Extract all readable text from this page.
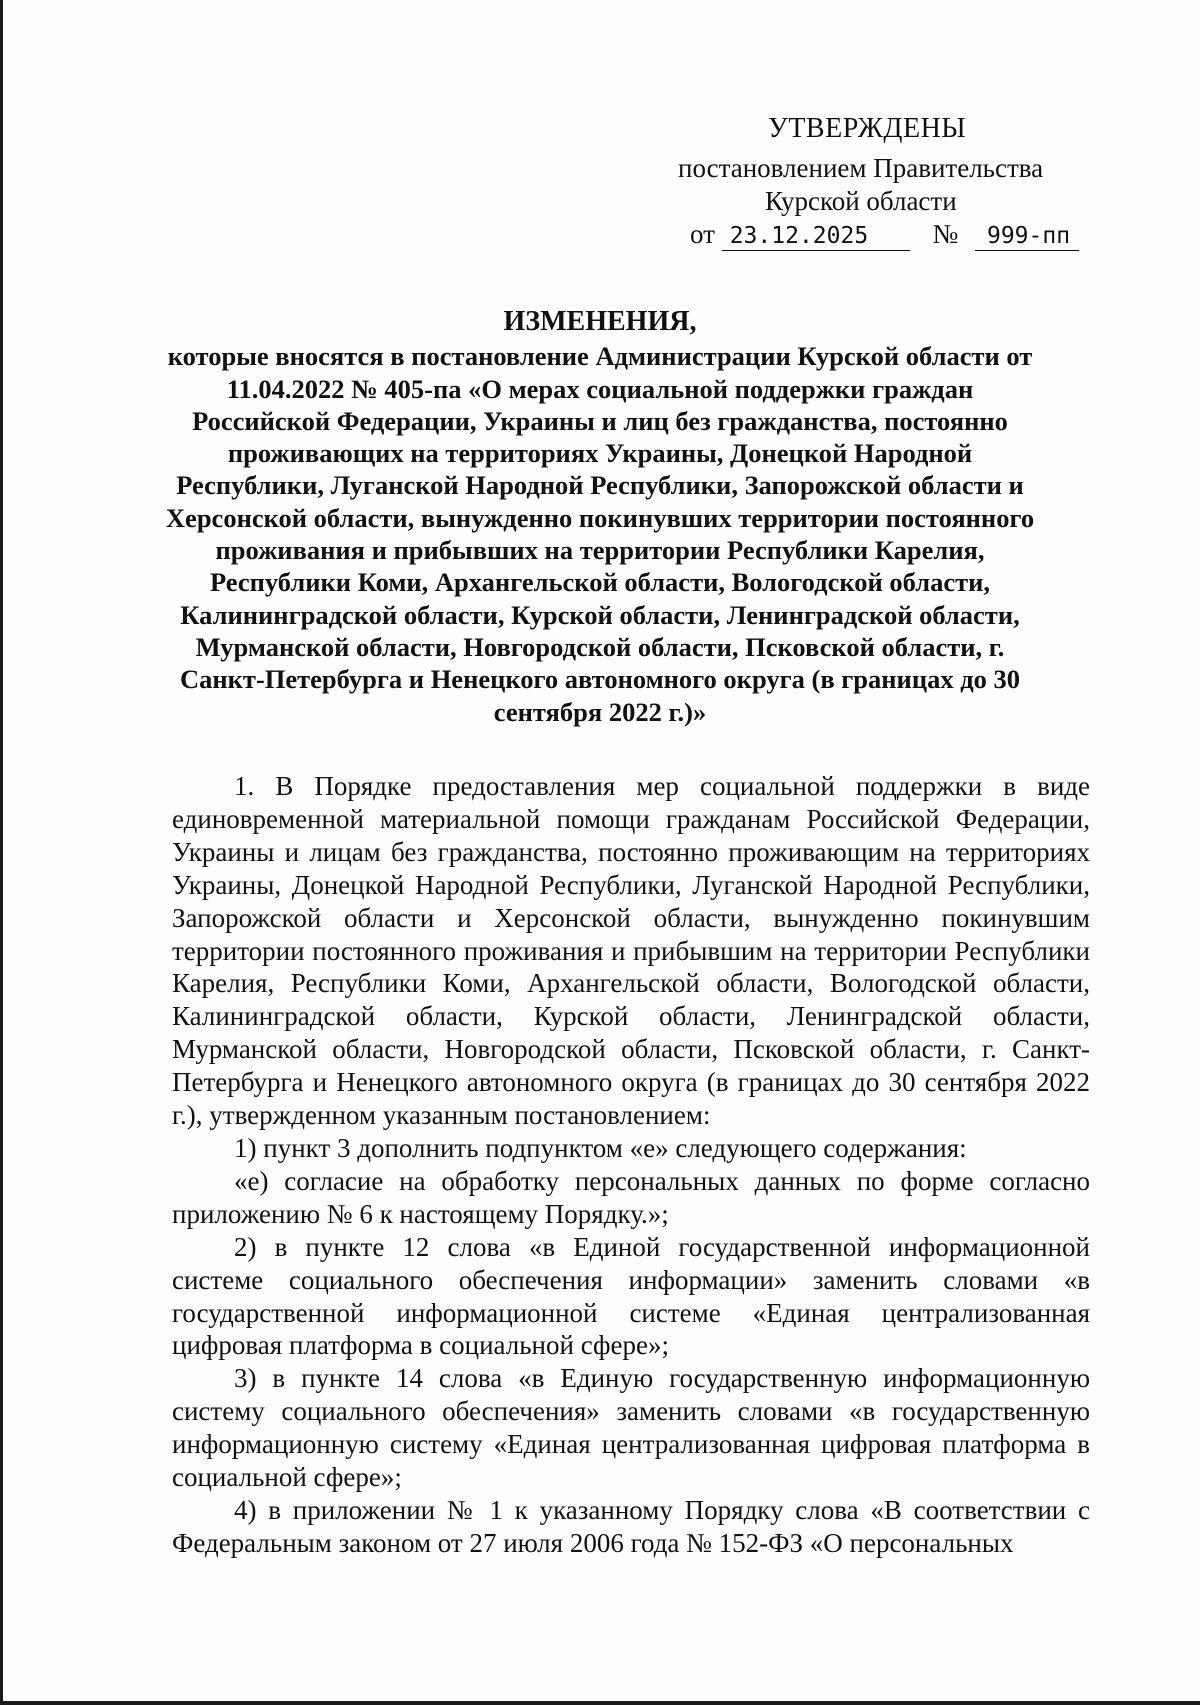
УТВЕРЖДЕНЫ
постановлением Правительства
Курской области
от 23.12.2025 № 999-пп
ИЗМЕНЕНИЯ,
которые вносятся в постановление Администрации Курской области от 11.04.2022 № 405-па «О мерах социальной поддержки граждан Российской Федерации, Украины и лиц без гражданства, постоянно проживающих на территориях Украины, Донецкой Народной Республики, Луганской Народной Республики, Запорожской области и Херсонской области, вынужденно покинувших территории постоянного проживания и прибывших на территории Республики Карелия, Республики Коми, Архангельской области, Вологодской области, Калининградской области, Курской области, Ленинградской области, Мурманской области, Новгородской области, Псковской области, г. Санкт-Петербурга и Ненецкого автономного округа (в границах до 30 сентября 2022 г.)»

1. В Порядке предоставления мер социальной поддержки в виде единовременной материальной помощи гражданам Российской Федерации, Украины и лицам без гражданства, постоянно проживающим на территориях Украины, Донецкой Народной Республики, Луганской Народной Республики, Запорожской области и Херсонской области, вынужденно покинувшим территории постоянного проживания и прибывшим на территории Республики Карелия, Республики Коми, Архангельской области, Вологодской области, Калининградской области, Курской области, Ленинградской области, Мурманской области, Новгородской области, Псковской области, г. Санкт-Петербурга и Ненецкого автономного округа (в границах до 30 сентября 2022 г.), утвержденном указанным постановлением:

1) пункт 3 дополнить подпунктом «е» следующего содержания:

«е) согласие на обработку персональных данных по форме согласно приложению № 6 к настоящему Порядку.»;

2) в пункте 12 слова «в Единой государственной информационной системе социального обеспечения информации» заменить словами «в государственной информационной системе «Единая централизованная цифровая платформа в социальной сфере»;

3) в пункте 14 слова «в Единую государственную информационную систему социального обеспечения» заменить словами «в государственную информационную систему «Единая централизованная цифровая платформа в социальной сфере»;

4) в приложении № 1 к указанному Порядку слова «В соответствии с Федеральным законом от 27 июля 2006 года № 152-ФЗ «О персональных
